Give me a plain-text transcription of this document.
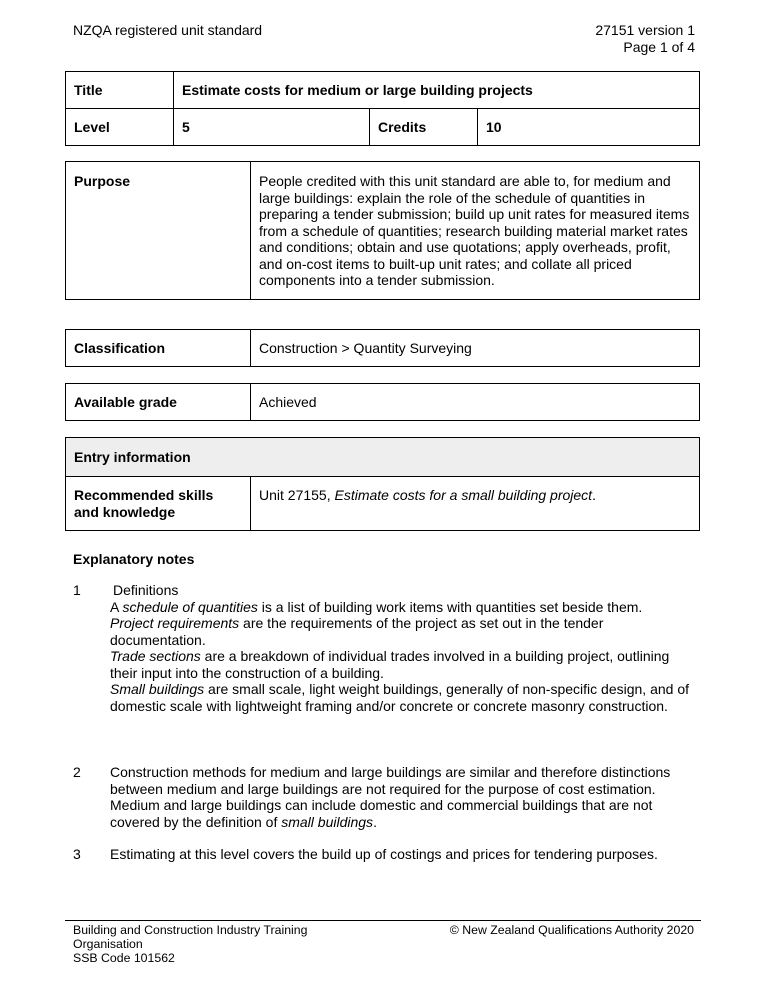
NZQA registered unit standard	27151 version 1
Page 1 of 4
Title	Estimate costs for medium or large building projects		
Level	5	Credits	10
Purpose	People credited with this unit standard are able to, for medium and large buildings: explain the role of the schedule of quantities in preparing a tender submission; build up unit rates for measured items from a schedule of quantities; research building material market rates and conditions; obtain and use quotations; apply overheads, profit, and on-cost items to built-up unit rates; and collate all priced components into a tender submission.
Classification	Construction > Quantity Surveying
Available grade	Achieved
Entry information
Recommended skills and knowledge	Unit 27155, Estimate costs for a small building project.
Explanatory notes
1 Definitions

A schedule of quantities is a list of building work items with quantities set beside them.

Project requirements are the requirements of the project as set out in the tender documentation.

Trade sections are a breakdown of individual trades involved in a building project, outlining their input into the construction of a building.

Small buildings are small scale, light weight buildings, generally of non-specific design, and of domestic scale with lightweight framing and/or concrete or concrete masonry construction.

2 Construction methods for medium and large buildings are similar and therefore distinctions between medium and large buildings are not required for the purpose of cost estimation. Medium and large buildings can include domestic and commercial buildings that are not covered by the definition of small buildings.

3 Estimating at this level covers the build up of costings and prices for tendering purposes.

Building and Construction Industry Training
Organisation
SSB Code 101562
© New Zealand Qualifications Authority 2020
